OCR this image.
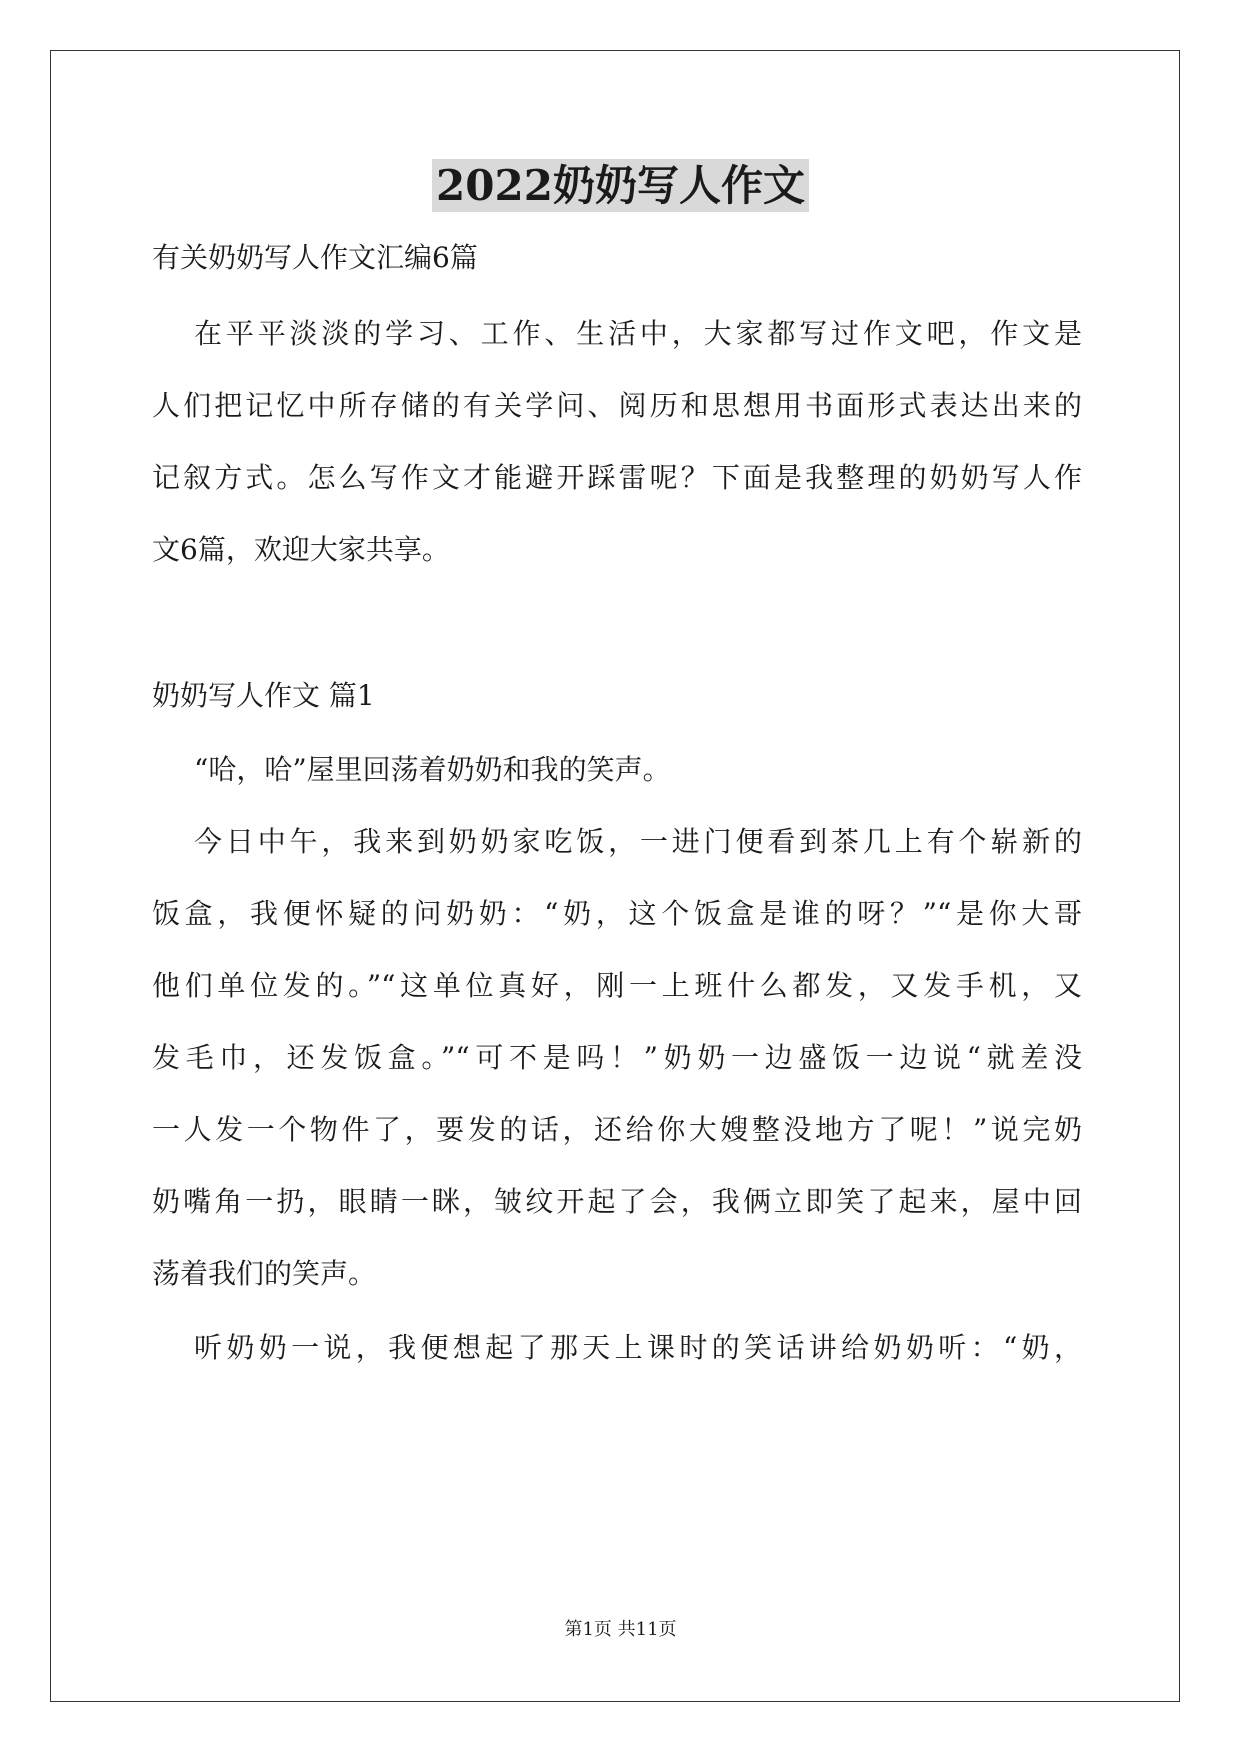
2022奶奶写人作文

有关奶奶写人作文汇编6篇

在平平淡淡的学习、工作、生活中，大家都写过作文吧，作文是

人们把记忆中所存储的有关学问、阅历和思想用书面形式表达出来的

记叙方式。怎么写作文才能避开踩雷呢？下面是我整理的奶奶写人作

文6篇，欢迎大家共享。

奶奶写人作文 篇1

“哈，哈”屋里回荡着奶奶和我的笑声。

今日中午，我来到奶奶家吃饭，一进门便看到茶几上有个崭新的

饭盒，我便怀疑的问奶奶：“奶，这个饭盒是谁的呀？”“是你大哥

他们单位发的。”“这单位真好，刚一上班什么都发，又发手机，又

发毛巾，还发饭盒。”“可不是吗！”奶奶一边盛饭一边说“就差没

一人发一个物件了，要发的话，还给你大嫂整没地方了呢！”说完奶

奶嘴角一扔，眼睛一眯，皱纹开起了会，我俩立即笑了起来，屋中回

荡着我们的笑声。

听奶奶一说，我便想起了那天上课时的笑话讲给奶奶听：“奶，

第1页 共11页
